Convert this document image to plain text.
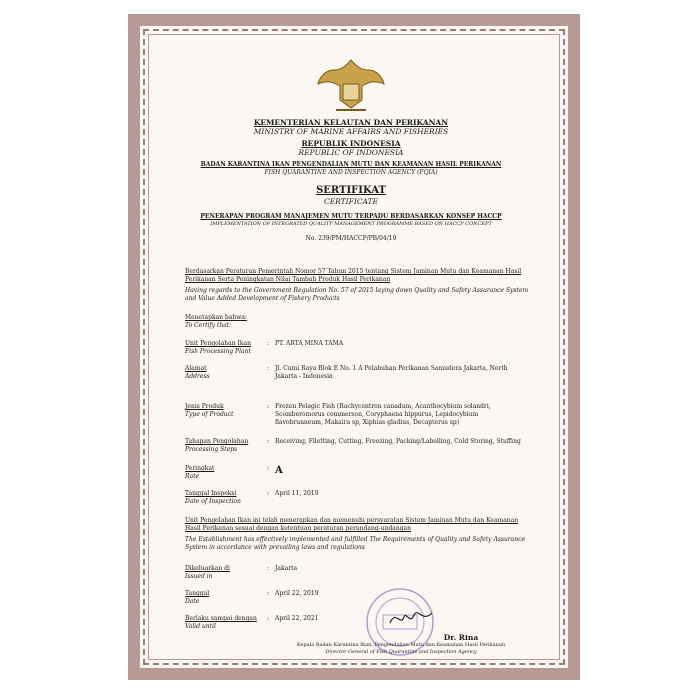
KEMENTERIAN KELAUTAN DAN PERIKANAN
MINISTRY OF MARINE AFFAIRS AND FISHERIES
REPUBLIK INDONESIA
REPUBLIC OF INDONESIA
BADAN KARANTINA IKAN PENGENDALIAN MUTU DAN KEAMANAN HASIL PERIKANAN
FISH QUARANTINE AND INSPECTION AGENCY (FQIA)
SERTIFIKAT
CERTIFICATE
PENERAPAN PROGRAM MANAJEMEN MUTU TERPADU BERDASARKAN KONSEP HACCP
IMPLEMENTATION OF INTEGRATED QUALITY MANAGEMENT PROGRAMME BASED ON HACCP CONCEPT
No. 239/PM/HACCP/PB/04/19
Berdasarkan Peraturan Pemerintah Nomor 57 Tahun 2015 tentang Sistem Jaminan Mutu dan Keamanan Hasil Perikanan Serta Peningkatan Nilai Tambah Produk Hasil Perikanan
Having regards to the Government Regulation No. 57 of 2015 laying down Quality and Safety Assurance System and Value Added Development of Fishery Products
Menetapkan bahwa:
To Certify that:
Unit Pengolahan Ikan
Fish Processing Plant
: PT. ARTA MINA TAMA
Alamat
Address
: Jl. Cumi Raya Blok E No. 1 A Pelabuhan Perikanan Samudera Jakarta, North Jakarta - Indonesia
Jenis Produk
Type of Product
: Frozen Pelagic Fish (Rachycentron canadum, Acanthocybium solandri, Scomberomorus commerson, Coryphaena hippurus, Lepidocybium flavobrunneum, Makaira sp, Xiphias gladius, Decapterus sp)
Tahapan Pengolahan
Processing Steps
: Receiving, Filetting, Cutting, Freezing, Packing/Labelling, Cold Storing, Stuffing
Peringkat
Rate
: A
Tanggal Inspeksi
Date of Inspection
: April 11, 2019
Unit Pengolahan Ikan ini telah menerapkan dan memenuhi persyaratan Sistem Jaminan Mutu dan Keamanan Hasil Perikanan sesuai dengan ketentuan peraturan perundang-undangan
The Establishment has effectively implemented and fulfilled The Requirements of Quality and Safety Assurance System in accordance with prevailing laws and regulations
Dikeluarkan di
Issued in
: Jakarta
Tanggal
Date
: April 22, 2019
Berlaku sampai dengan
Valid until
: April 22, 2021
Dr. Rina
Kepala Badan Karantina Ikan, Pengendalian Mutu dan Keamanan Hasil Perikanan
Director General of Fish Quarantine and Inspection Agency
